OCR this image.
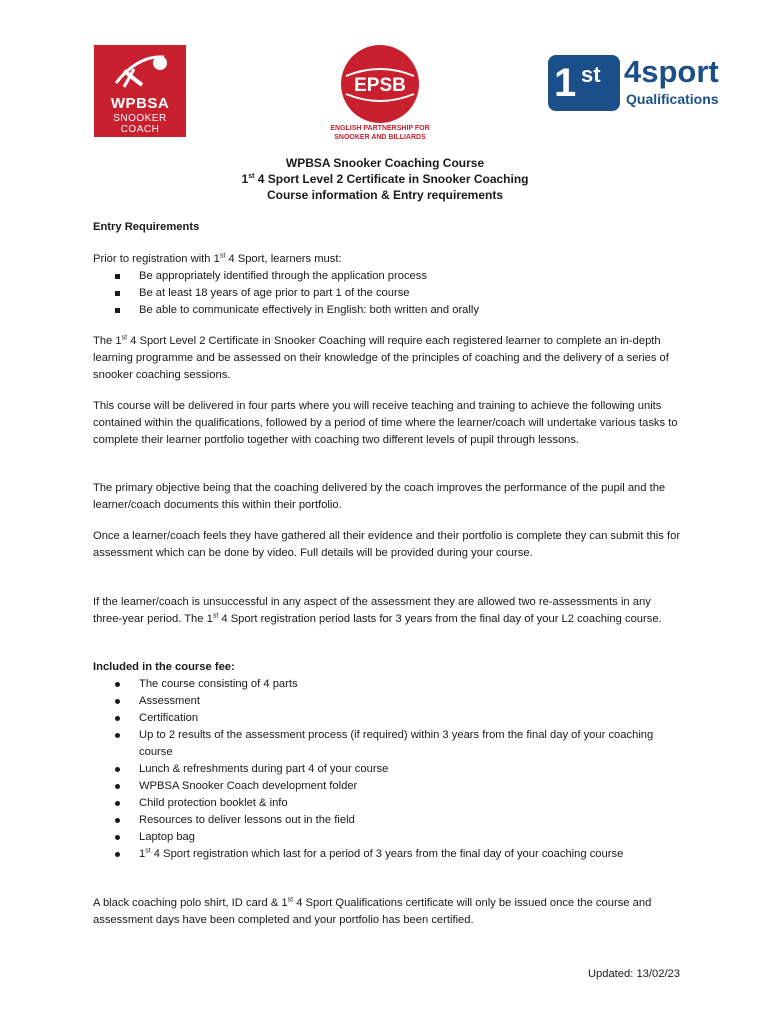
WPBSA
SNOOKER
COACH
EPSB
ENGLISH PARTNERSHIP FOR
SNOOKER AND BILLIARDS
1 st 4sport
Qualifications
WPBSA Snooker Coaching Course
1st 4 Sport Level 2 Certificate in Snooker Coaching
Course information & Entry requirements
Entry Requirements
Prior to registration with 1st 4 Sport, learners must:
Be appropriately identified through the application process
Be at least 18 years of age prior to part 1 of the course
Be able to communicate effectively in English: both written and orally
The 1st 4 Sport Level 2 Certificate in Snooker Coaching will require each registered learner to complete an in-depth learning programme and be assessed on their knowledge of the principles of coaching and the delivery of a series of snooker coaching sessions.
This course will be delivered in four parts where you will receive teaching and training to achieve the following units contained within the qualifications, followed by a period of time where the learner/coach will undertake various tasks to complete their learner portfolio together with coaching two different levels of pupil through lessons.
The primary objective being that the coaching delivered by the coach improves the performance of the pupil and the learner/coach documents this within their portfolio.
Once a learner/coach feels they have gathered all their evidence and their portfolio is complete they can submit this for assessment which can be done by video. Full details will be provided during your course.
If the learner/coach is unsuccessful in any aspect of the assessment they are allowed two re-assessments in any three-year period. The 1st 4 Sport registration period lasts for 3 years from the final day of your L2 coaching course.
Included in the course fee:
The course consisting of 4 parts
Assessment
Certification
Up to 2 results of the assessment process (if required) within 3 years from the final day of your coaching course
Lunch & refreshments during part 4 of your course
WPBSA Snooker Coach development folder
Child protection booklet & info
Resources to deliver lessons out in the field
Laptop bag
1st 4 Sport registration which last for a period of 3 years from the final day of your coaching course
A black coaching polo shirt, ID card & 1st 4 Sport Qualifications certificate will only be issued once the course and assessment days have been completed and your portfolio has been certified.
Updated: 13/02/23
